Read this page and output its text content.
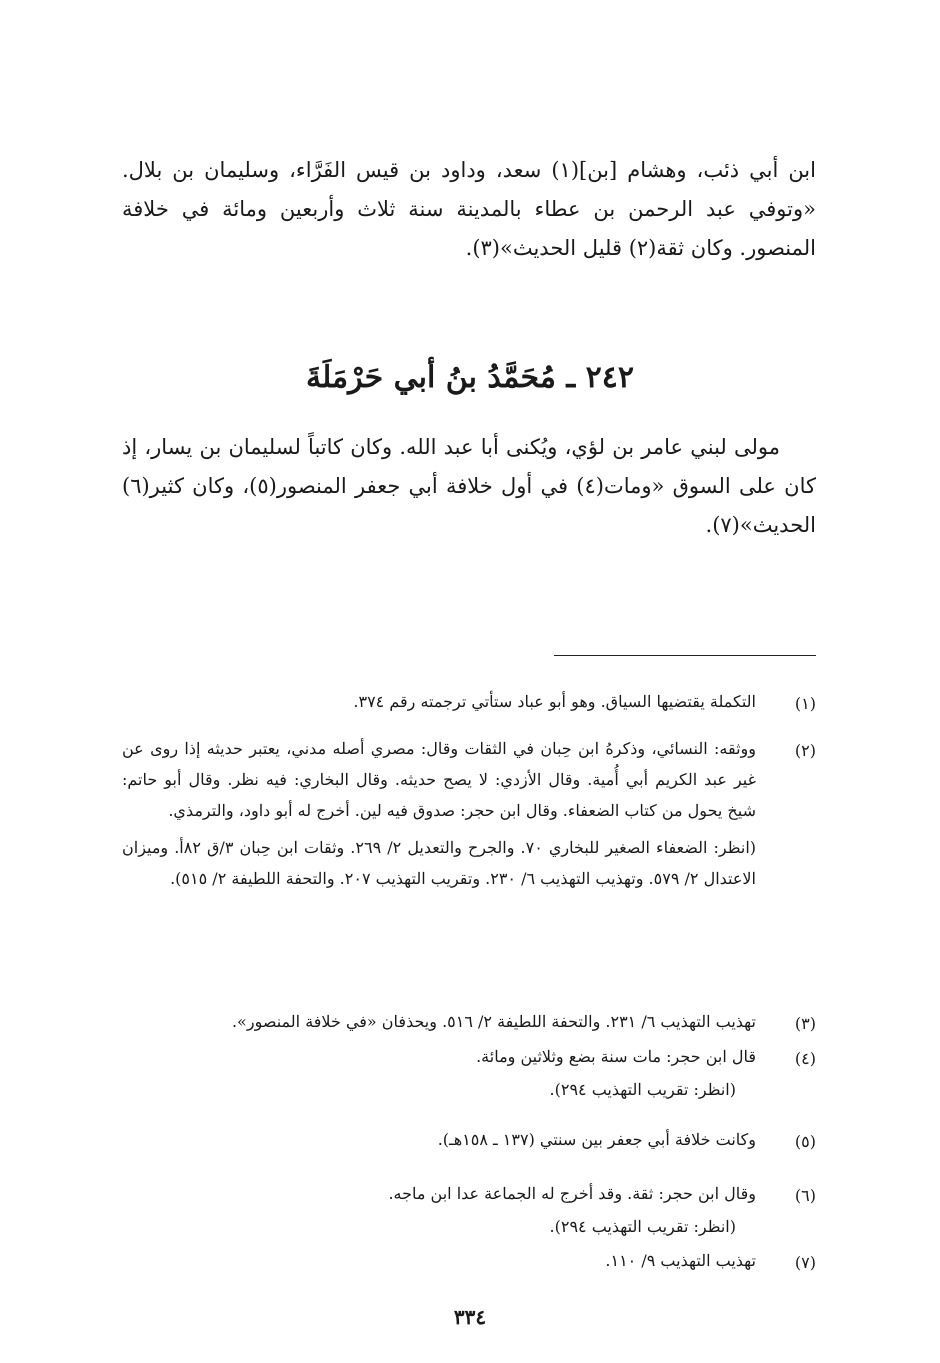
ابن أبي ذئب، وهشام [بن](١) سعد، وداود بن قيس الفَرَّاء، وسليمان بن بلال. «وتوفي عبد الرحمن بن عطاء بالمدينة سنة ثلاث وأربعين ومائة في خلافة المنصور. وكان ثقة(٢) قليل الحديث»(٣).

٢٤٢ ـ مُحَمَّدُ بنُ أبي حَرْمَلَةَ

مولى لبني عامر بن لؤي، ويُكنى أبا عبد الله. وكان كاتباً لسليمان بن يسار، إذ كان على السوق «ومات(٤) في أول خلافة أبي جعفر المنصور(٥)، وكان كثير(٦) الحديث»(٧).

(١)
التكملة يقتضيها السياق. وهو أبو عباد ستأتي ترجمته رقم ٣٧٤.
(٢)
ووثقه: النسائي، وذكرهُ ابن حِبان في الثقات وقال: مصري أصله مدني، يعتبر حديثه إذا روى عن غير عبد الكريم أبي أُمية. وقال الأزدي: لا يصح حديثه. وقال البخاري: فيه نظر. وقال أبو حاتم: شيخ يحول من كتاب الضعفاء. وقال ابن حجر: صدوق فيه لين. أخرج له أبو داود، والترمذي.
(انظر: الضعفاء الصغير للبخاري ٧٠. والجرح والتعديل ٢/ ٢٦٩. وثقات ابن حِبان ٣/ق ٨٢أ. وميزان الاعتدال ٢/ ٥٧٩. وتهذيب التهذيب ٦/ ٢٣٠. وتقريب التهذيب ٢٠٧. والتحفة اللطيفة ٢/ ٥١٥).
(٣)
تهذيب التهذيب ٦/ ٢٣١. والتحفة اللطيفة ٢/ ٥١٦. ويحذفان «في خلافة المنصور».
(٤)
قال ابن حجر: مات سنة بضع وثلاثين ومائة.
(انظر: تقريب التهذيب ٢٩٤).
(٥)
وكانت خلافة أبي جعفر بين سنتي (١٣٧ ـ ١٥٨هـ).
(٦)
وقال ابن حجر: ثقة. وقد أخرج له الجماعة عدا ابن ماجه.
(انظر: تقريب التهذيب ٢٩٤).
(٧)
تهذيب التهذيب ٩/ ١١٠.
٣٣٤
